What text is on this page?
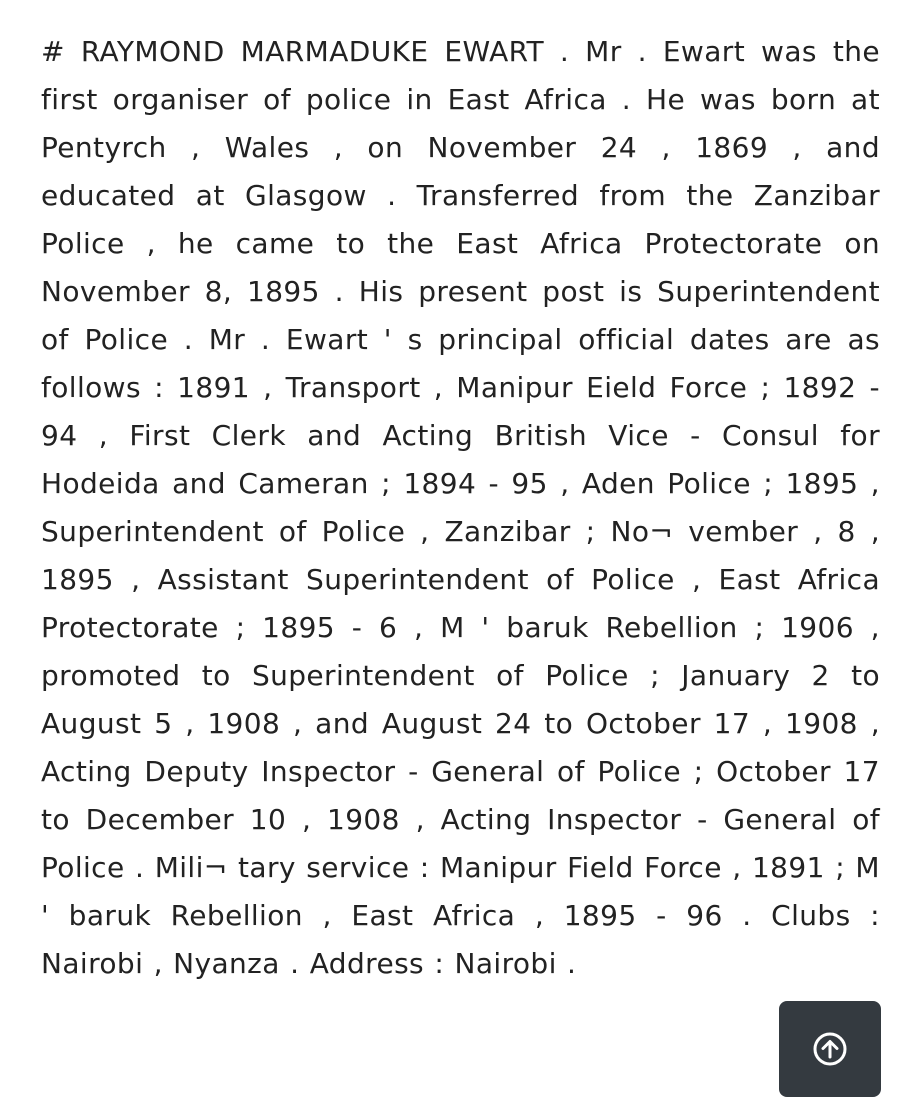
# RAYMOND MARMADUKE EWART . Mr . Ewart was the first organiser of police in East Africa . He was born at Pentyrch , Wales , on November 24 , 1869 , and educated at Glasgow . Transferred from the Zanzibar Police , he came to the East Africa Protectorate on November 8, 1895 . His present post is Superintendent of Police . Mr . Ewart ' s principal official dates are as follows : 1891 , Transport , Manipur Eield Force ; 1892 - 94 , First Clerk and Acting British Vice - Consul for Hodeida and Cameran ; 1894 - 95 , Aden Police ; 1895 , Superintendent of Police , Zanzibar ; No¬ vember , 8 , 1895 , Assistant Superintendent of Police , East Africa Protectorate ; 1895 - 6 , M ' baruk Rebellion ; 1906 , promoted to Superintendent of Police ; January 2 to August 5 , 1908 , and August 24 to October 17 , 1908 , Acting Deputy Inspector - General of Police ; October 17 to December 10 , 1908 , Acting Inspector - General of Police . Mili¬ tary service : Manipur Field Force , 1891 ; M ' baruk Rebellion , East Africa , 1895 - 96 . Clubs : Nairobi , Nyanza . Address : Nairobi .
